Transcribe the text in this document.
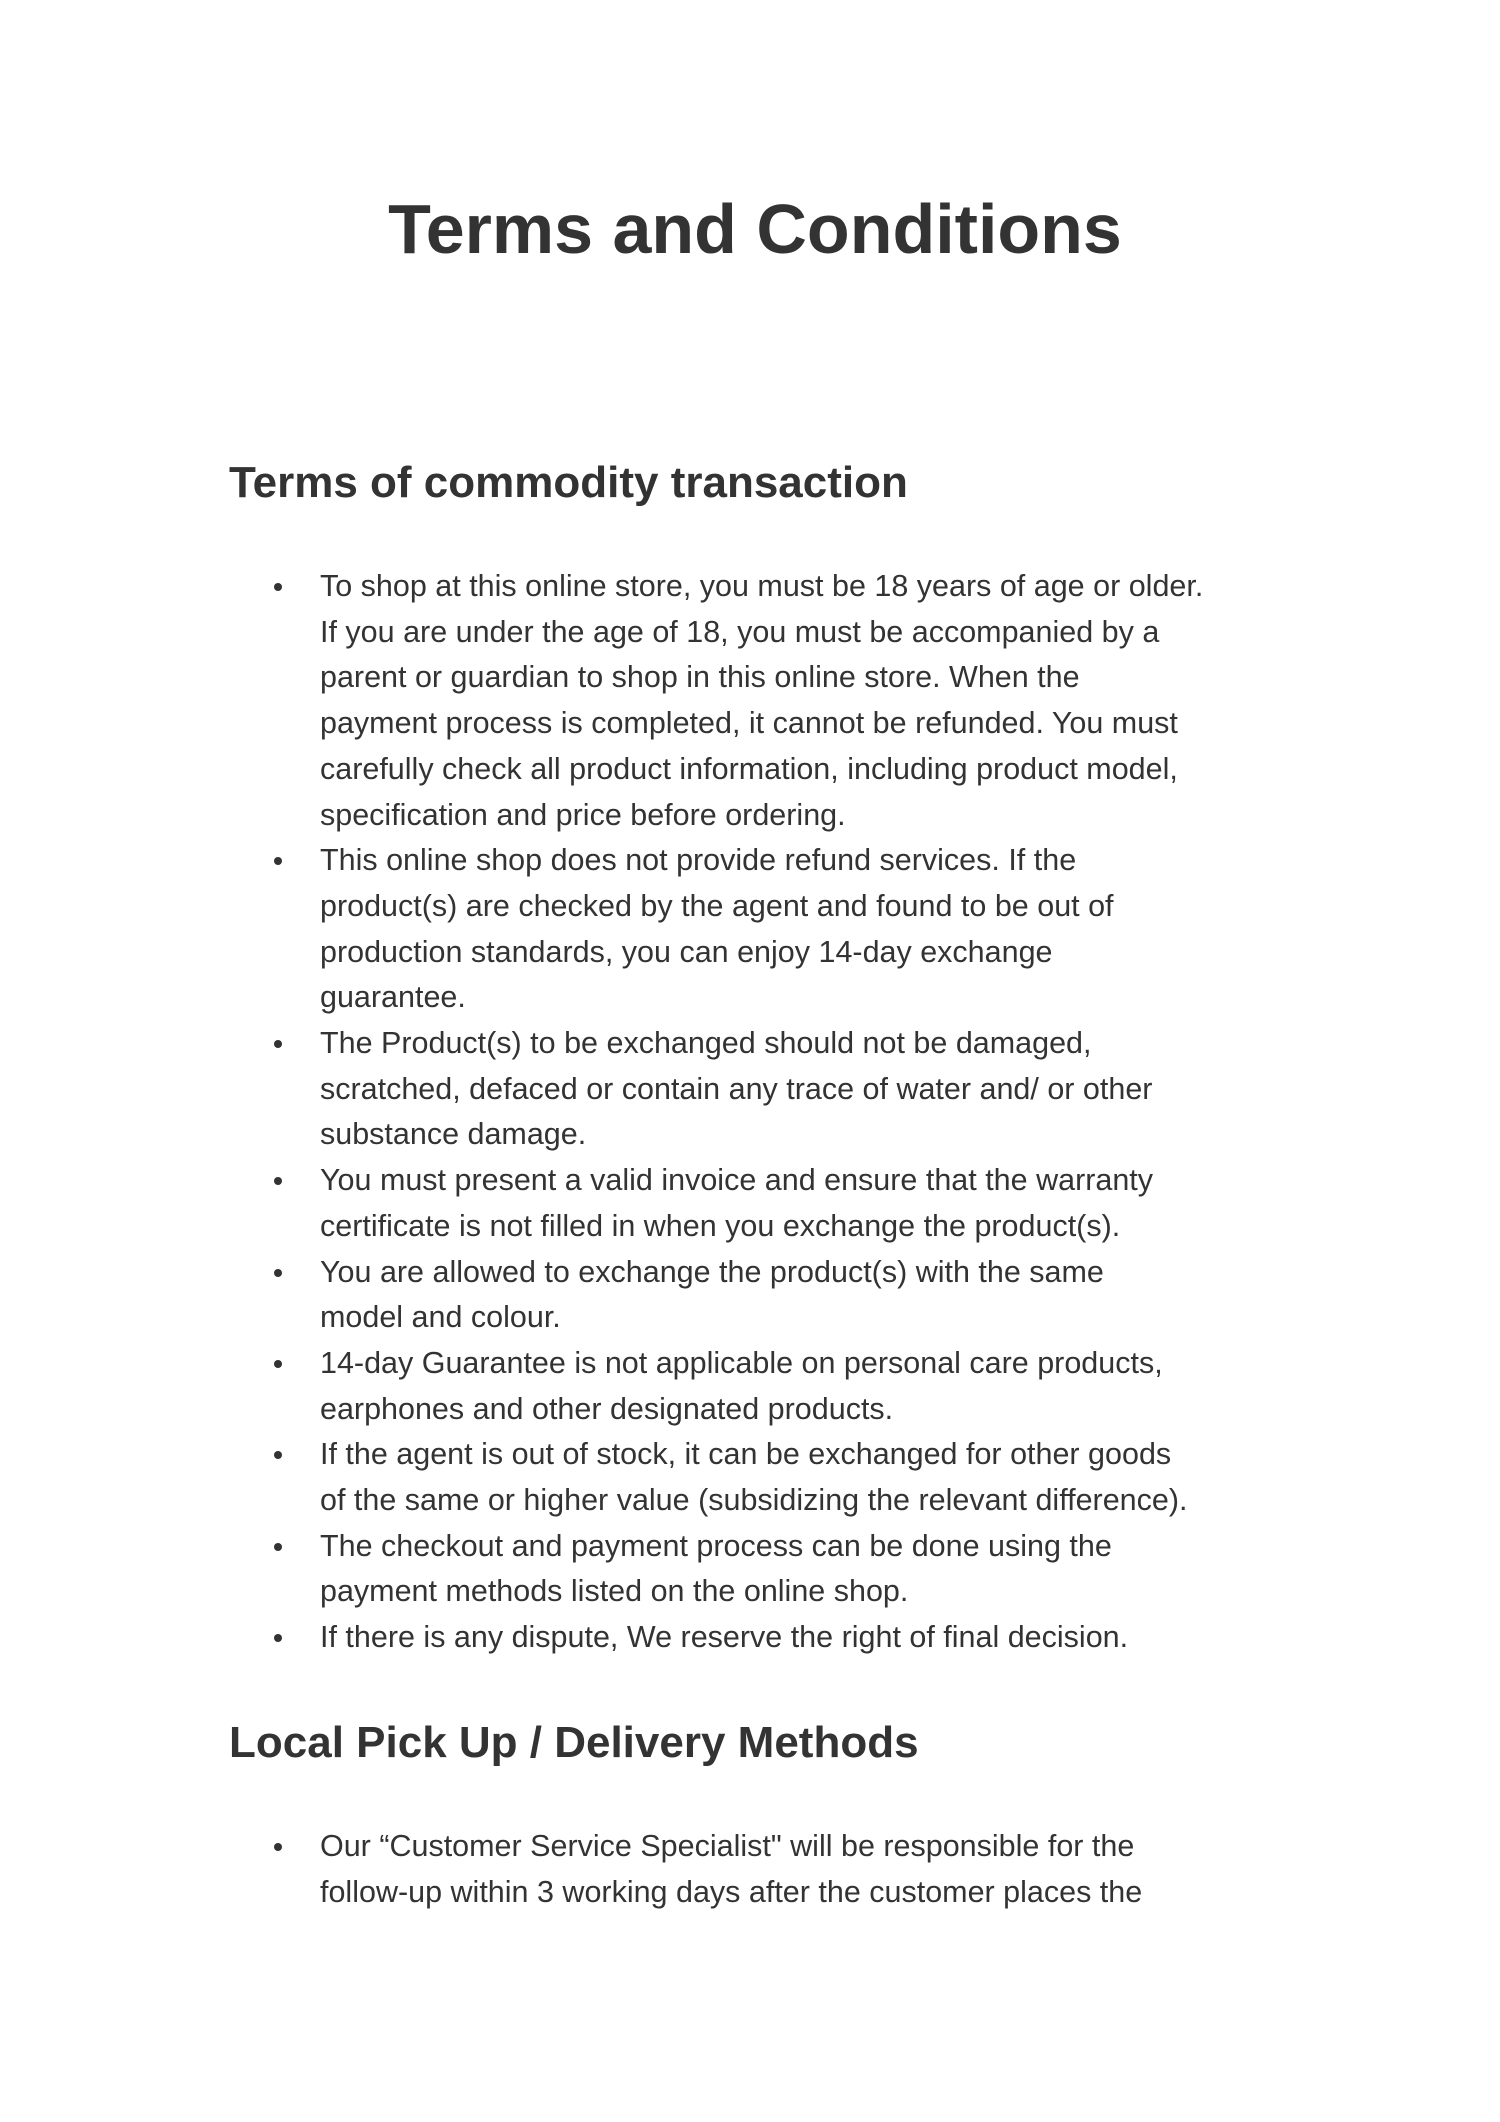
Terms and Conditions
Terms of commodity transaction
To shop at this online store, you must be 18 years of age or older.
If you are under the age of 18, you must be accompanied by a
parent or guardian to shop in this online store. When the
payment process is completed, it cannot be refunded. You must
carefully check all product information, including product model,
specification and price before ordering.
This online shop does not provide refund services. If the
product(s) are checked by the agent and found to be out of
production standards, you can enjoy 14-day exchange
guarantee.
The Product(s) to be exchanged should not be damaged,
scratched, defaced or contain any trace of water and/ or other
substance damage.
You must present a valid invoice and ensure that the warranty
certificate is not filled in when you exchange the product(s).
You are allowed to exchange the product(s) with the same
model and colour.
14-day Guarantee is not applicable on personal care products,
earphones and other designated products.
If the agent is out of stock, it can be exchanged for other goods
of the same or higher value (subsidizing the relevant difference).
The checkout and payment process can be done using the
payment methods listed on the online shop.
If there is any dispute, We reserve the right of final decision.
Local Pick Up / Delivery Methods
Our “Customer Service Specialist" will be responsible for the
follow-up within 3 working days after the customer places the
